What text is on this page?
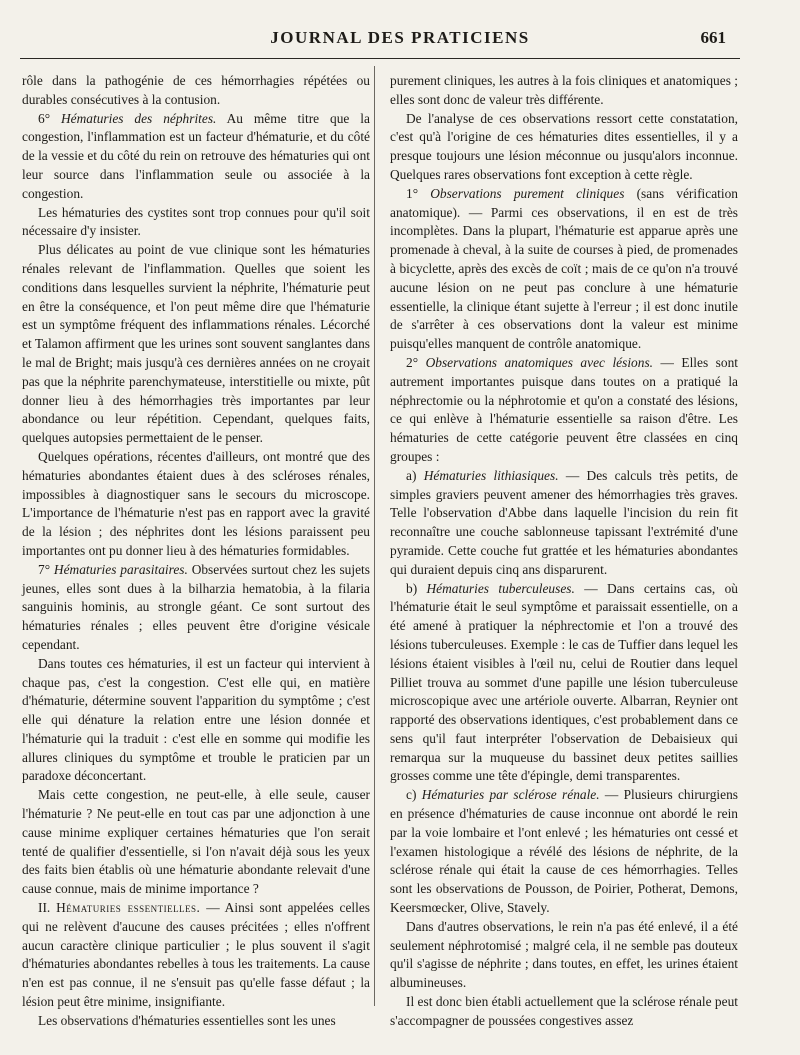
JOURNAL DES PRATICIENS	661

rôle dans la pathogénie de ces hémorrhagies répétées ou durables consécutives à la contusion.

6° Hématuries des néphrites. Au même titre que la congestion, l'inflammation est un facteur d'hématurie, et du côté de la vessie et du côté du rein on retrouve des hématuries qui ont leur source dans l'inflammation seule ou associée à la congestion.

Les hématuries des cystites sont trop connues pour qu'il soit nécessaire d'y insister.

Plus délicates au point de vue clinique sont les hématuries rénales relevant de l'inflammation. Quelles que soient les conditions dans lesquelles survient la néphrite, l'hématurie peut en être la conséquence, et l'on peut même dire que l'hématurie est un symptôme fréquent des inflammations rénales. Lécorché et Talamon affirment que les urines sont souvent sanglantes dans le mal de Bright; mais jusqu'à ces dernières années on ne croyait pas que la néphrite parenchymateuse, interstitielle ou mixte, pût donner lieu à des hémorrhagies très importantes par leur abondance ou leur répétition. Cependant, quelques faits, quelques autopsies permettaient de le penser.

Quelques opérations, récentes d'ailleurs, ont montré que des hématuries abondantes étaient dues à des scléroses rénales, impossibles à diagnostiquer sans le secours du microscope. L'importance de l'hématurie n'est pas en rapport avec la gravité de la lésion ; des néphrites dont les lésions paraissent peu importantes ont pu donner lieu à des hématuries formidables.

7° Hématuries parasitaires. Observées surtout chez les sujets jeunes, elles sont dues à la bilharzia hematobia, à la filaria sanguinis hominis, au strongle géant. Ce sont surtout des hématuries rénales ; elles peuvent être d'origine vésicale cependant.

Dans toutes ces hématuries, il est un facteur qui intervient à chaque pas, c'est la congestion. C'est elle qui, en matière d'hématurie, détermine souvent l'apparition du symptôme ; c'est elle qui dénature la relation entre une lésion donnée et l'hématurie qui la traduit : c'est elle en somme qui modifie les allures cliniques du symptôme et trouble le praticien par un paradoxe déconcertant.

Mais cette congestion, ne peut-elle, à elle seule, causer l'hématurie ? Ne peut-elle en tout cas par une adjonction à une cause minime expliquer certaines hématuries que l'on serait tenté de qualifier d'essentielle, si l'on n'avait déjà sous les yeux des faits bien établis où une hématurie abondante relevait d'une cause connue, mais de minime importance ?

II. Hématuries essentielles. — Ainsi sont appelées celles qui ne relèvent d'aucune des causes précitées ; elles n'offrent aucun caractère clinique particulier ; le plus souvent il s'agit d'hématuries abondantes rebelles à tous les traitements. La cause n'en est pas connue, il ne s'ensuit pas qu'elle fasse défaut ; la lésion peut être minime, insignifiante.

Les observations d'hématuries essentielles sont les unes

purement cliniques, les autres à la fois cliniques et anatomiques ; elles sont donc de valeur très différente.

De l'analyse de ces observations ressort cette constatation, c'est qu'à l'origine de ces hématuries dites essentielles, il y a presque toujours une lésion méconnue ou jusqu'alors inconnue. Quelques rares observations font exception à cette règle.

1° Observations purement cliniques (sans vérification anatomique). — Parmi ces observations, il en est de très incomplètes. Dans la plupart, l'hématurie est apparue après une promenade à cheval, à la suite de courses à pied, de promenades à bicyclette, après des excès de coït ; mais de ce qu'on n'a trouvé aucune lésion on ne peut pas conclure à une hématurie essentielle, la clinique étant sujette à l'erreur ; il est donc inutile de s'arrêter à ces observations dont la valeur est minime puisqu'elles manquent de contrôle anatomique.

2° Observations anatomiques avec lésions. — Elles sont autrement importantes puisque dans toutes on a pratiqué la néphrectomie ou la néphrotomie et qu'on a constaté des lésions, ce qui enlève à l'hématurie essentielle sa raison d'être. Les hématuries de cette catégorie peuvent être classées en cinq groupes :

a) Hématuries lithiasiques. — Des calculs très petits, de simples graviers peuvent amener des hémorrhagies très graves. Telle l'observation d'Abbe dans laquelle l'incision du rein fit reconnaître une couche sablonneuse tapissant l'extrémité d'une pyramide. Cette couche fut grattée et les hématuries abondantes qui duraient depuis cinq ans disparurent.

b) Hématuries tuberculeuses. — Dans certains cas, où l'hématurie était le seul symptôme et paraissait essentielle, on a été amené à pratiquer la néphrectomie et l'on a trouvé des lésions tuberculeuses. Exemple : le cas de Tuffier dans lequel les lésions étaient visibles à l'œil nu, celui de Routier dans lequel Pilliet trouva au sommet d'une papille une lésion tuberculeuse microscopique avec une artériole ouverte. Albarran, Reynier ont rapporté des observations identiques, c'est probablement dans ce sens qu'il faut interpréter l'observation de Debaisieux qui remarqua sur la muqueuse du bassinet deux petites saillies grosses comme une tête d'épingle, demi transparentes.

c) Hématuries par sclérose rénale. — Plusieurs chirurgiens en présence d'hématuries de cause inconnue ont abordé le rein par la voie lombaire et l'ont enlevé ; les hématuries ont cessé et l'examen histologique a révélé des lésions de néphrite, de la sclérose rénale qui était la cause de ces hémorrhagies. Telles sont les observations de Pousson, de Poirier, Potherat, Demons, Keersmœcker, Olive, Stavely.

Dans d'autres observations, le rein n'a pas été enlevé, il a été seulement néphrotomisé ; malgré cela, il ne semble pas douteux qu'il s'agisse de néphrite ; dans toutes, en effet, les urines étaient albumineuses.

Il est donc bien établi actuellement que la sclérose rénale peut s'accompagner de poussées congestives assez
